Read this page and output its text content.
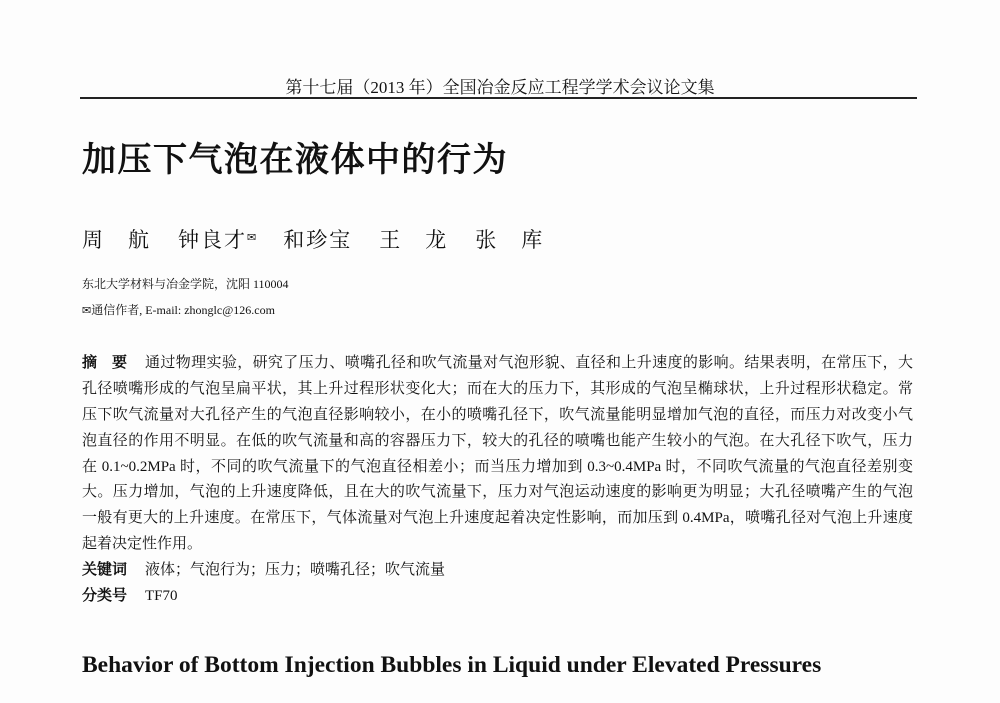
第十七届（2013 年）全国冶金反应工程学学术会议论文集
加压下气泡在液体中的行为
周　航 钟良才✉ 和珍宝 王　龙 张　库
东北大学材料与冶金学院，沈阳 110004
✉通信作者, E-mail: zhonglc@126.com
摘　要	通过物理实验，研究了压力、喷嘴孔径和吹气流量对气泡形貌、直径和上升速度的影响。结果表明，在常压下，大
孔径喷嘴形成的气泡呈扁平状，其上升过程形状变化大；而在大的压力下，其形成的气泡呈椭球状，上升过程形状稳定。常
压下吹气流量对大孔径产生的气泡直径影响较小，在小的喷嘴孔径下，吹气流量能明显增加气泡的直径，而压力对改变小气
泡直径的作用不明显。在低的吹气流量和高的容器压力下，较大的孔径的喷嘴也能产生较小的气泡。在大孔径下吹气，压力
在 0.1~0.2MPa 时，不同的吹气流量下的气泡直径相差小；而当压力增加到 0.3~0.4MPa 时，不同吹气流量的气泡直径差别变
大。压力增加，气泡的上升速度降低，且在大的吹气流量下，压力对气泡运动速度的影响更为明显；大孔径喷嘴产生的气泡
一般有更大的上升速度。在常压下，气体流量对气泡上升速度起着决定性影响，而加压到 0.4MPa，喷嘴孔径对气泡上升速度
起着决定性作用。
关键词	液体；气泡行为；压力；喷嘴孔径；吹气流量
分类号	TF70
Behavior of Bottom Injection Bubbles in Liquid under Elevated Pressures
